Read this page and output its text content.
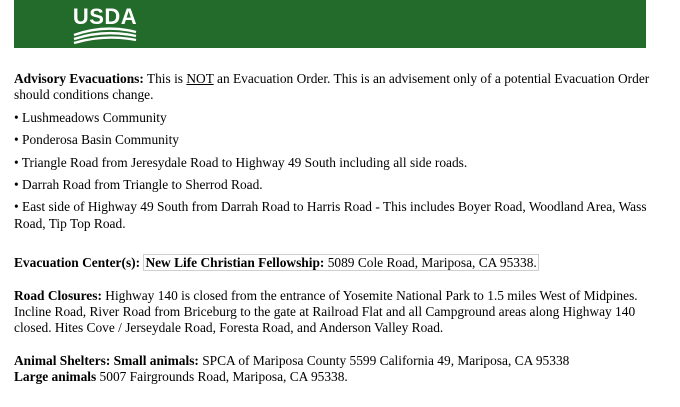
USDA

Advisory Evacuations: This is NOT an Evacuation Order. This is an advisement only of a potential Evacuation Order should conditions change.

• Lushmeadows Community

• Ponderosa Basin Community

• Triangle Road from Jeresydale Road to Highway 49 South including all side roads.

• Darrah Road from Triangle to Sherrod Road.

• East side of Highway 49 South from Darrah Road to Harris Road - This includes Boyer Road, Woodland Area, Wass Road, Tip Top Road.

Evacuation Center(s): New Life Christian Fellowship: 5089 Cole Road, Mariposa, CA 95338.

Road Closures: Highway 140 is closed from the entrance of Yosemite National Park to 1.5 miles West of Midpines. Incline Road, River Road from Briceburg to the gate at Railroad Flat and all Campground areas along Highway 140 closed. Hites Cove / Jerseydale Road, Foresta Road, and Anderson Valley Road.

Animal Shelters: Small animals: SPCA of Mariposa County 5599 California 49, Mariposa, CA 95338

Large animals 5007 Fairgrounds Road, Mariposa, CA 95338.
